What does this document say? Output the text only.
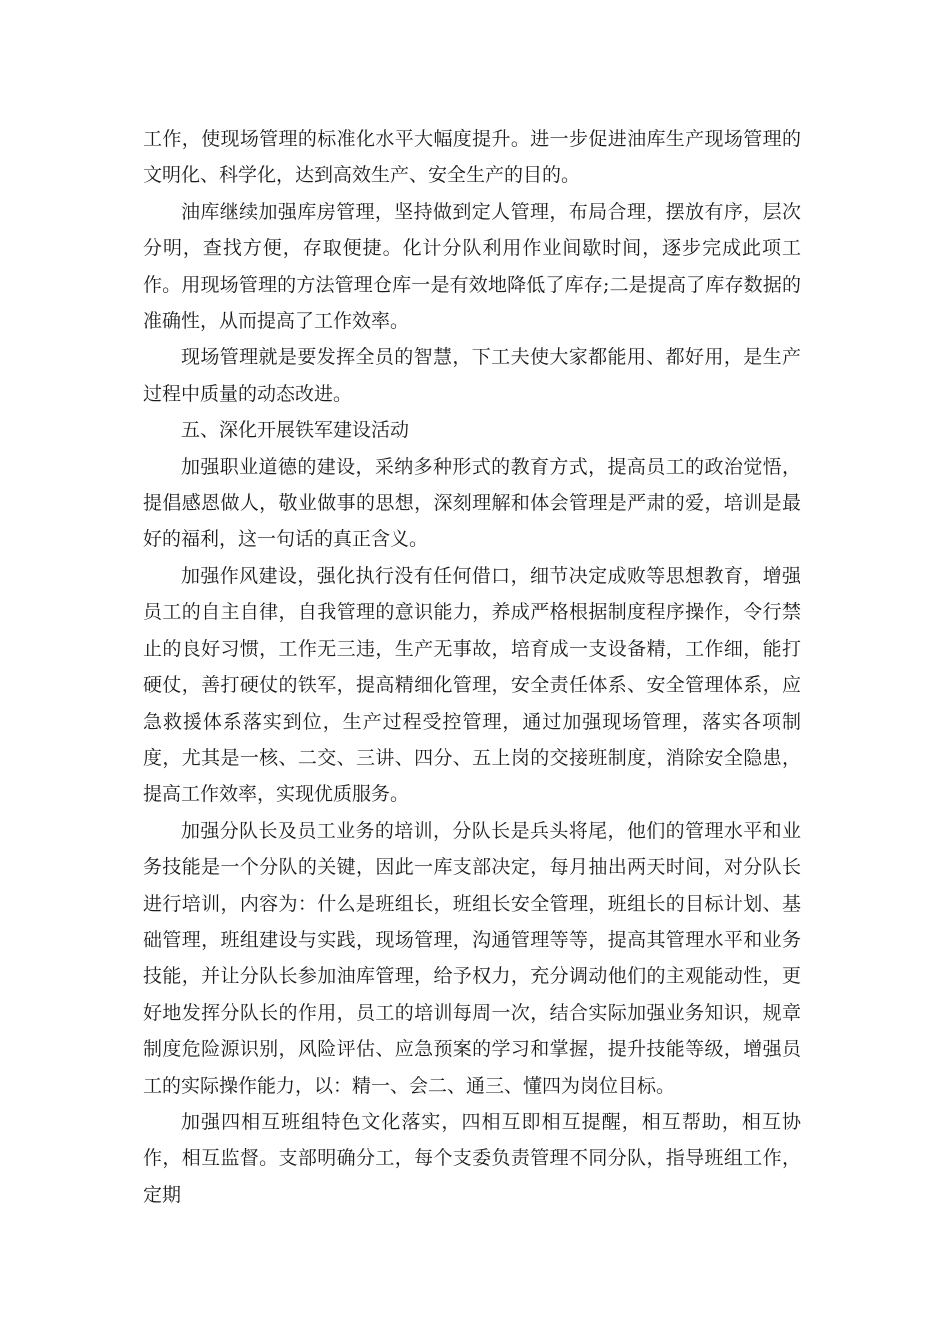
工作，使现场管理的标准化水平大幅度提升。进一步促进油库生产现场管理的文明化、科学化，达到高效生产、安全生产的目的。

油库继续加强库房管理，坚持做到定人管理，布局合理，摆放有序，层次分明，查找方便，存取便捷。化计分队利用作业间歇时间，逐步完成此项工作。用现场管理的方法管理仓库一是有效地降低了库存;二是提高了库存数据的准确性，从而提高了工作效率。

现场管理就是要发挥全员的智慧，下工夫使大家都能用、都好用，是生产过程中质量的动态改进。

五、深化开展铁军建设活动

加强职业道德的建设，采纳多种形式的教育方式，提高员工的政治觉悟，提倡感恩做人，敬业做事的思想，深刻理解和体会管理是严肃的爱，培训是最好的福利，这一句话的真正含义。

加强作风建设，强化执行没有任何借口，细节决定成败等思想教育，增强员工的自主自律，自我管理的意识能力，养成严格根据制度程序操作，令行禁止的良好习惯，工作无三违，生产无事故，培育成一支设备精，工作细，能打硬仗，善打硬仗的铁军，提高精细化管理，安全责任体系、安全管理体系，应急救援体系落实到位，生产过程受控管理，通过加强现场管理，落实各项制度，尤其是一核、二交、三讲、四分、五上岗的交接班制度，消除安全隐患，提高工作效率，实现优质服务。

加强分队长及员工业务的培训，分队长是兵头将尾，他们的管理水平和业务技能是一个分队的关键，因此一库支部决定，每月抽出两天时间，对分队长进行培训，内容为：什么是班组长，班组长安全管理，班组长的目标计划、基础管理，班组建设与实践，现场管理，沟通管理等等，提高其管理水平和业务技能，并让分队长参加油库管理，给予权力，充分调动他们的主观能动性，更好地发挥分队长的作用，员工的培训每周一次，结合实际加强业务知识，规章制度危险源识别，风险评估、应急预案的学习和掌握，提升技能等级，增强员工的实际操作能力，以：精一、会二、通三、懂四为岗位目标。

加强四相互班组特色文化落实，四相互即相互提醒，相互帮助，相互协作，相互监督。支部明确分工，每个支委负责管理不同分队，指导班组工作，定期
